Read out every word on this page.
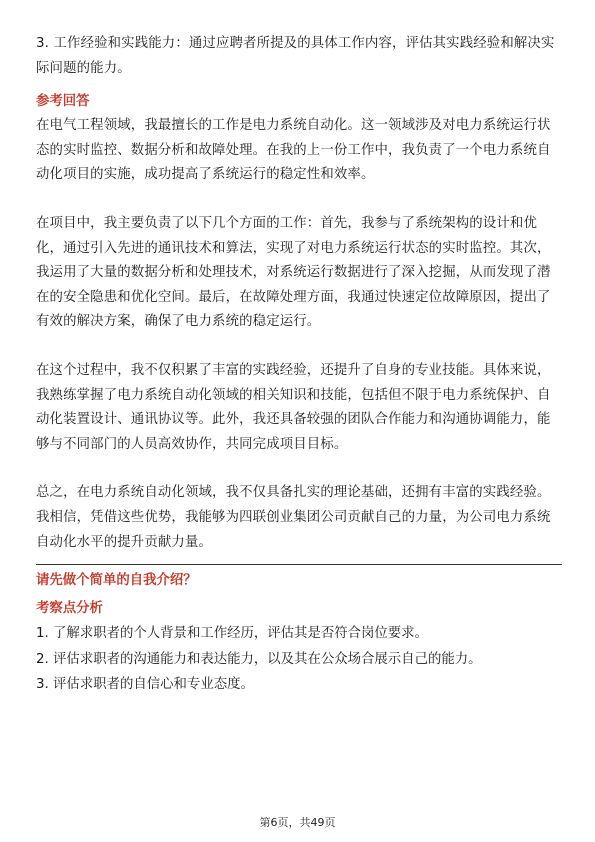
3. 工作经验和实践能力：通过应聘者所提及的具体工作内容，评估其实践经验和解决实际问题的能力。

参考回答

在电气工程领域，我最擅长的工作是电力系统自动化。这一领域涉及对电力系统运行状态的实时监控、数据分析和故障处理。在我的上一份工作中，我负责了一个电力系统自动化项目的实施，成功提高了系统运行的稳定性和效率。

在项目中，我主要负责了以下几个方面的工作：首先，我参与了系统架构的设计和优化，通过引入先进的通讯技术和算法，实现了对电力系统运行状态的实时监控。其次，我运用了大量的数据分析和处理技术，对系统运行数据进行了深入挖掘，从而发现了潜在的安全隐患和优化空间。最后，在故障处理方面，我通过快速定位故障原因，提出了有效的解决方案，确保了电力系统的稳定运行。

在这个过程中，我不仅积累了丰富的实践经验，还提升了自身的专业技能。具体来说，我熟练掌握了电力系统自动化领域的相关知识和技能，包括但不限于电力系统保护、自动化装置设计、通讯协议等。此外，我还具备较强的团队合作能力和沟通协调能力，能够与不同部门的人员高效协作，共同完成项目目标。

总之，在电力系统自动化领域，我不仅具备扎实的理论基础，还拥有丰富的实践经验。我相信，凭借这些优势，我能够为四联创业集团公司贡献自己的力量，为公司电力系统自动化水平的提升贡献力量。

请先做个简单的自我介绍？

考察点分析

1. 了解求职者的个人背景和工作经历，评估其是否符合岗位要求。

2. 评估求职者的沟通能力和表达能力，以及其在公众场合展示自己的能力。

3. 评估求职者的自信心和专业态度。

第6页，共49页
